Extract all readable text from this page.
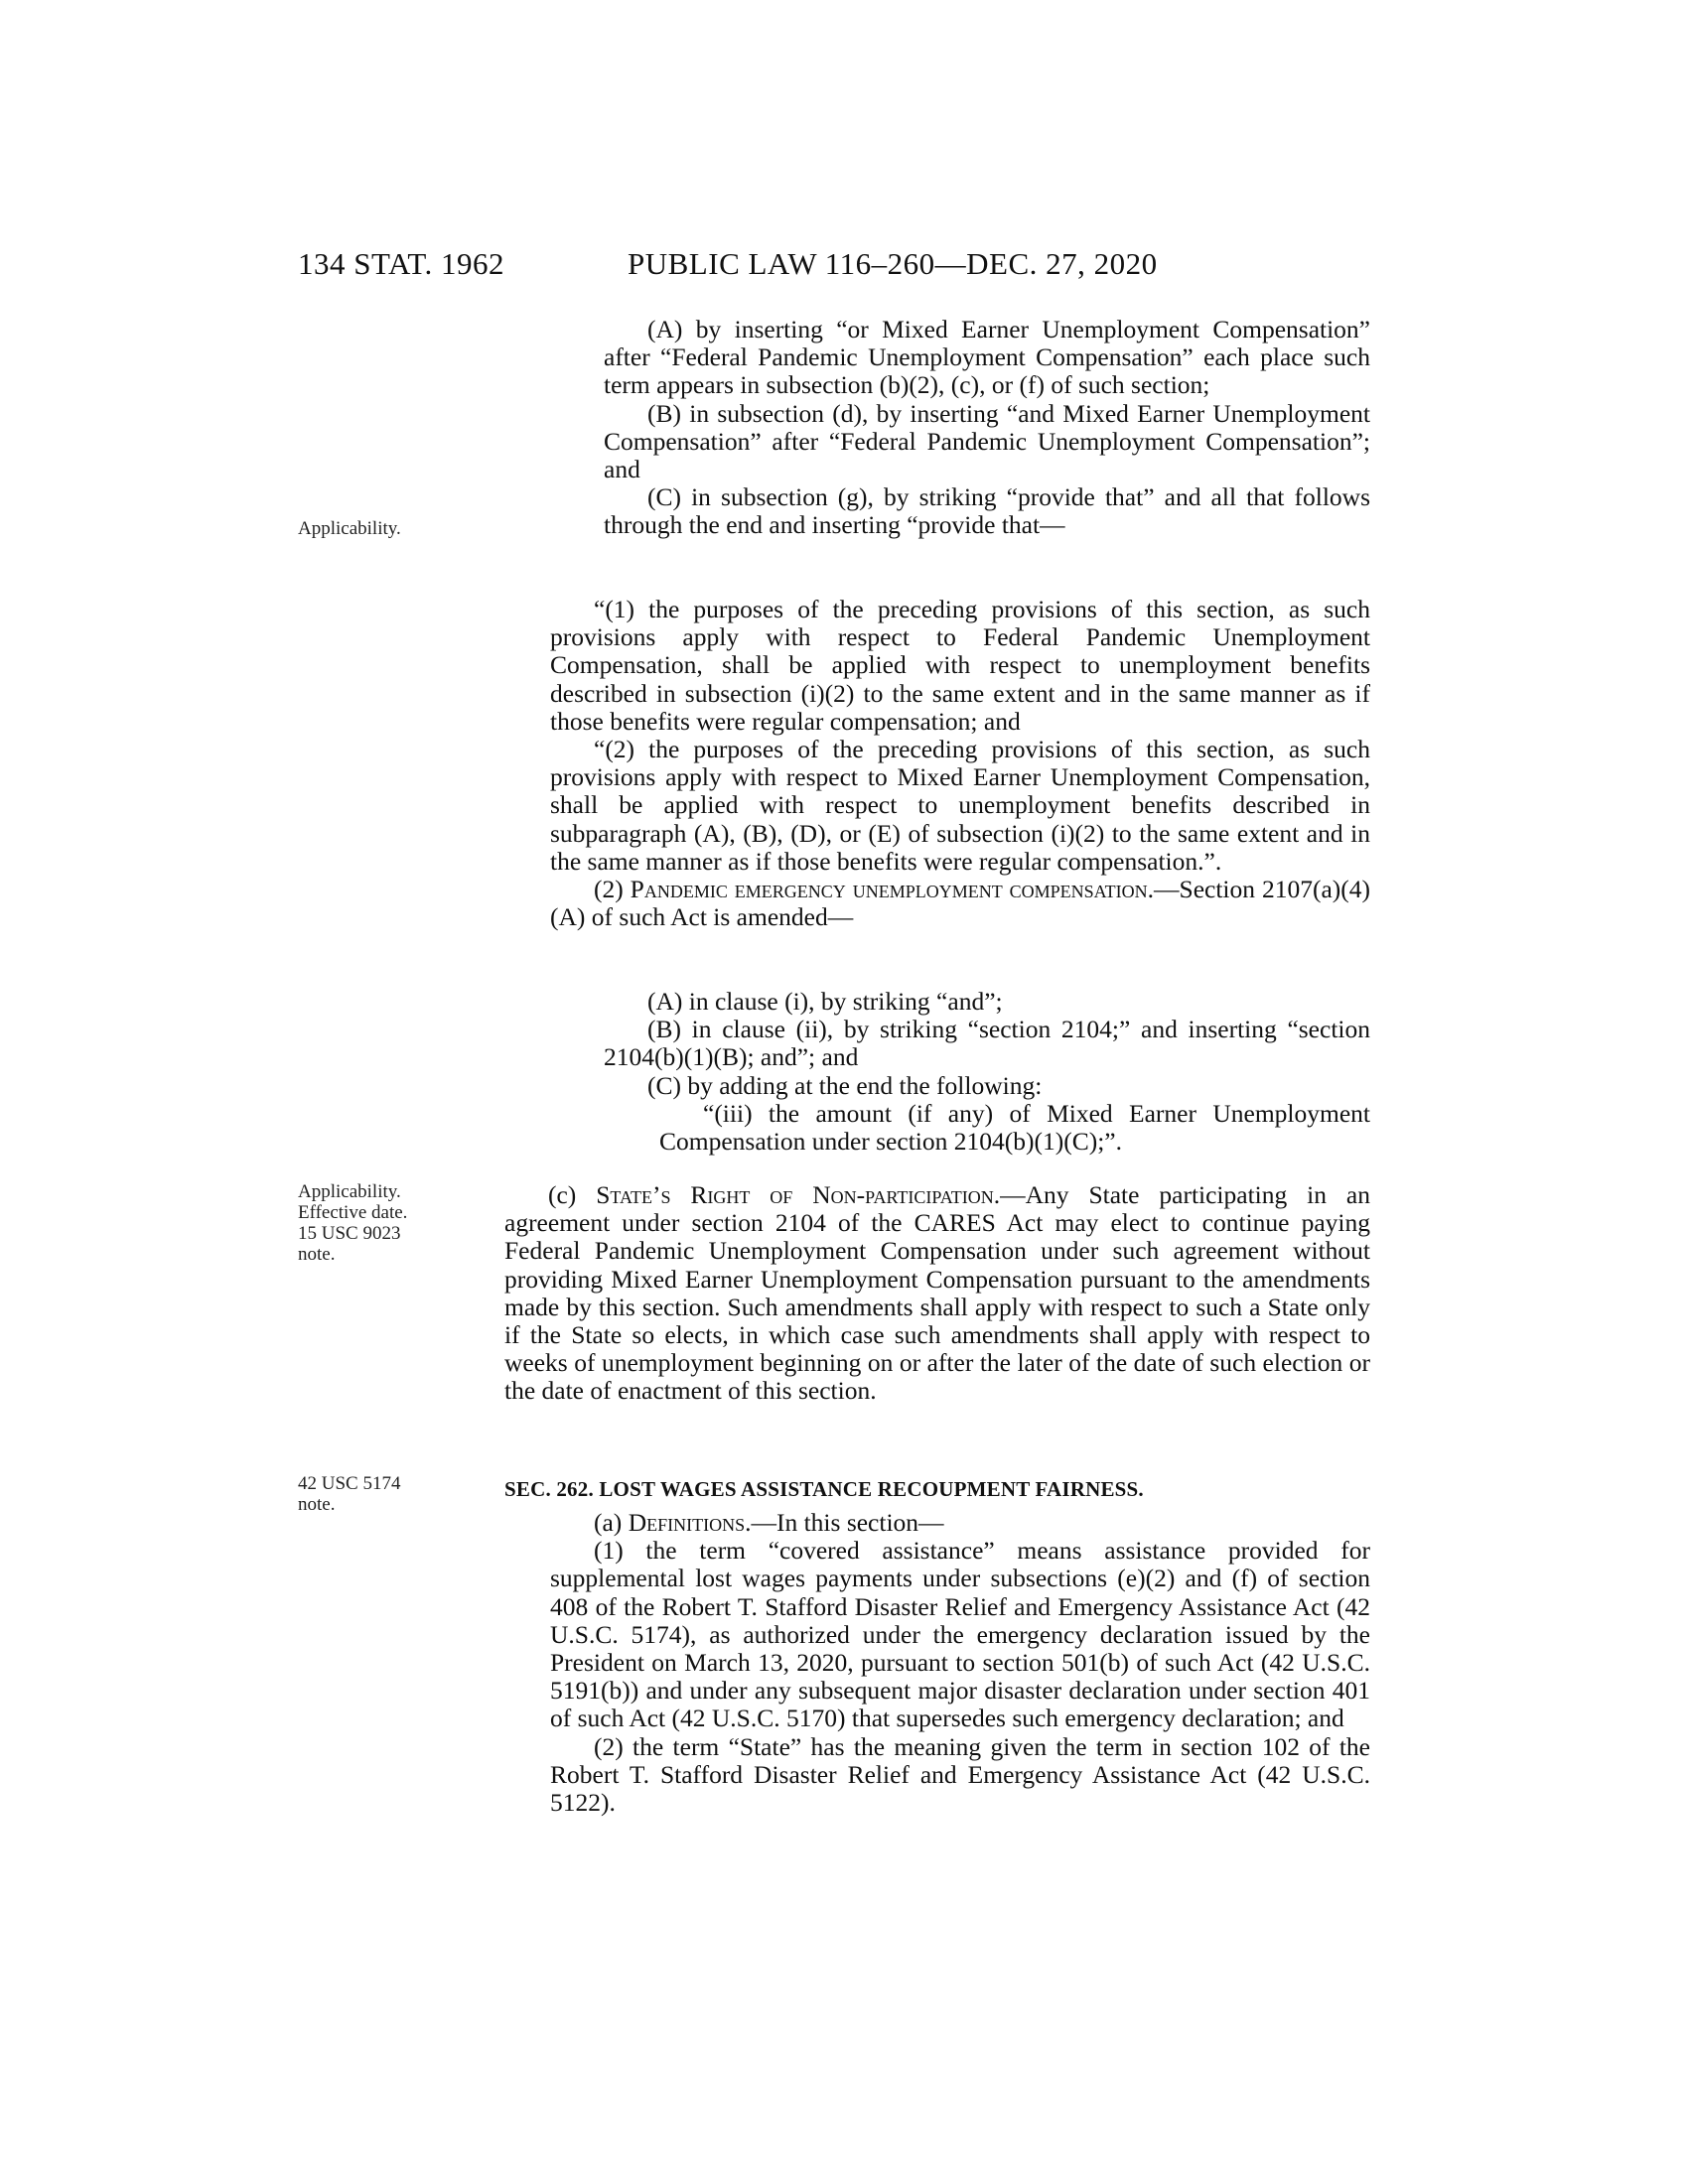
134 STAT. 1962	PUBLIC LAW 116–260—DEC. 27, 2020
Applicability.
Applicability.
Effective date.
15 USC 9023
note.
42 USC 5174
note.

(A) by inserting “or Mixed Earner Unemployment Compensation” after “Federal Pandemic Unemployment Compensation” each place such term appears in subsection (b)(2), (c), or (f) of such section;

(B) in subsection (d), by inserting “and Mixed Earner Unemployment Compensation” after “Federal Pandemic Unemployment Compensation”; and

(C) in subsection (g), by striking “provide that” and all that follows through the end and inserting “provide that—

“(1) the purposes of the preceding provisions of this section, as such provisions apply with respect to Federal Pandemic Unemployment Compensation, shall be applied with respect to unemployment benefits described in subsection (i)(2) to the same extent and in the same manner as if those benefits were regular compensation; and

“(2) the purposes of the preceding provisions of this section, as such provisions apply with respect to Mixed Earner Unemployment Compensation, shall be applied with respect to unemployment benefits described in subparagraph (A), (B), (D), or (E) of subsection (i)(2) to the same extent and in the same manner as if those benefits were regular compensation.”.

(2) Pandemic emergency unemployment compensation.—Section 2107(a)(4)(A) of such Act is amended—

(A) in clause (i), by striking “and”;

(B) in clause (ii), by striking “section 2104;” and inserting “section 2104(b)(1)(B); and”; and

(C) by adding at the end the following:

“(iii) the amount (if any) of Mixed Earner Unemployment Compensation under section 2104(b)(1)(C);”.

(c) State’s Right of Non-participation.—Any State participating in an agreement under section 2104 of the CARES Act may elect to continue paying Federal Pandemic Unemployment Compensation under such agreement without providing Mixed Earner Unemployment Compensation pursuant to the amendments made by this section. Such amendments shall apply with respect to such a State only if the State so elects, in which case such amendments shall apply with respect to weeks of unemployment beginning on or after the later of the date of such election or the date of enactment of this section.

SEC. 262. LOST WAGES ASSISTANCE RECOUPMENT FAIRNESS.

(a) Definitions.—In this section—

(1) the term “covered assistance” means assistance provided for supplemental lost wages payments under subsections (e)(2) and (f) of section 408 of the Robert T. Stafford Disaster Relief and Emergency Assistance Act (42 U.S.C. 5174), as authorized under the emergency declaration issued by the President on March 13, 2020, pursuant to section 501(b) of such Act (42 U.S.C. 5191(b)) and under any subsequent major disaster declaration under section 401 of such Act (42 U.S.C. 5170) that supersedes such emergency declaration; and

(2) the term “State” has the meaning given the term in section 102 of the Robert T. Stafford Disaster Relief and Emergency Assistance Act (42 U.S.C. 5122).
